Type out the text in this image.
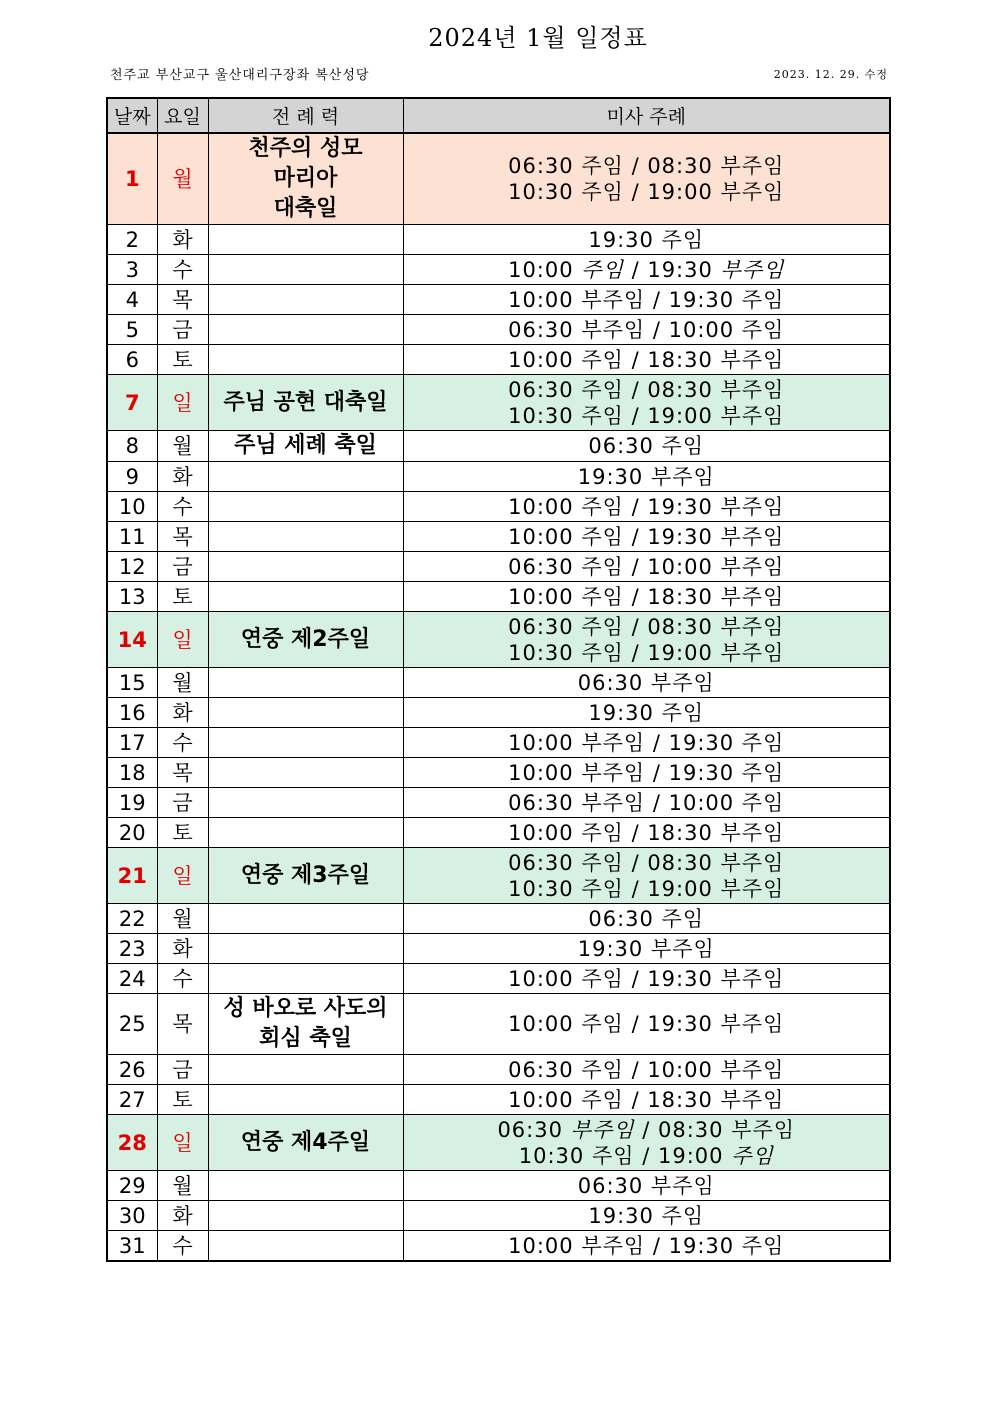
2024년 1월 일정표
천주교 부산교구 울산대리구장좌 복산성당	2023. 12. 29. 수정
날짜	요일	전 례 력	미사 주례
1	월	천주의 성모
마리아
대축일	06:30 주임 / 08:30 부주임
10:30 주임 / 19:00 부주임

2	화		19:30 주임

3	수		10:00 주임 / 19:30 부주임

4	목		10:00 부주임 / 19:30 주임

5	금		06:30 부주임 / 10:00 주임

6	토		10:00 주임 / 18:30 부주임

7	일	주님 공현 대축일	06:30 주임 / 08:30 부주임
10:30 주임 / 19:00 부주임

8	월	주님 세례 축일	06:30 주임

9	화		19:30 부주임

10	수		10:00 주임 / 19:30 부주임

11	목		10:00 주임 / 19:30 부주임

12	금		06:30 주임 / 10:00 부주임

13	토		10:00 주임 / 18:30 부주임

14	일	연중 제2주일	06:30 주임 / 08:30 부주임
10:30 주임 / 19:00 부주임

15	월		06:30 부주임

16	화		19:30 주임

17	수		10:00 부주임 / 19:30 주임

18	목		10:00 부주임 / 19:30 주임

19	금		06:30 부주임 / 10:00 주임

20	토		10:00 주임 / 18:30 부주임

21	일	연중 제3주일	06:30 주임 / 08:30 부주임
10:30 주임 / 19:00 부주임

22	월		06:30 주임

23	화		19:30 부주임

24	수		10:00 주임 / 19:30 부주임

25	목	성 바오로 사도의
회심 축일	10:00 주임 / 19:30 부주임

26	금		06:30 주임 / 10:00 부주임

27	토		10:00 주임 / 18:30 부주임

28	일	연중 제4주일	06:30 부주임 / 08:30 부주임
10:30 주임 / 19:00 주임

29	월		06:30 부주임

30	화		19:30 주임

31	수		10:00 부주임 / 19:30 주임
